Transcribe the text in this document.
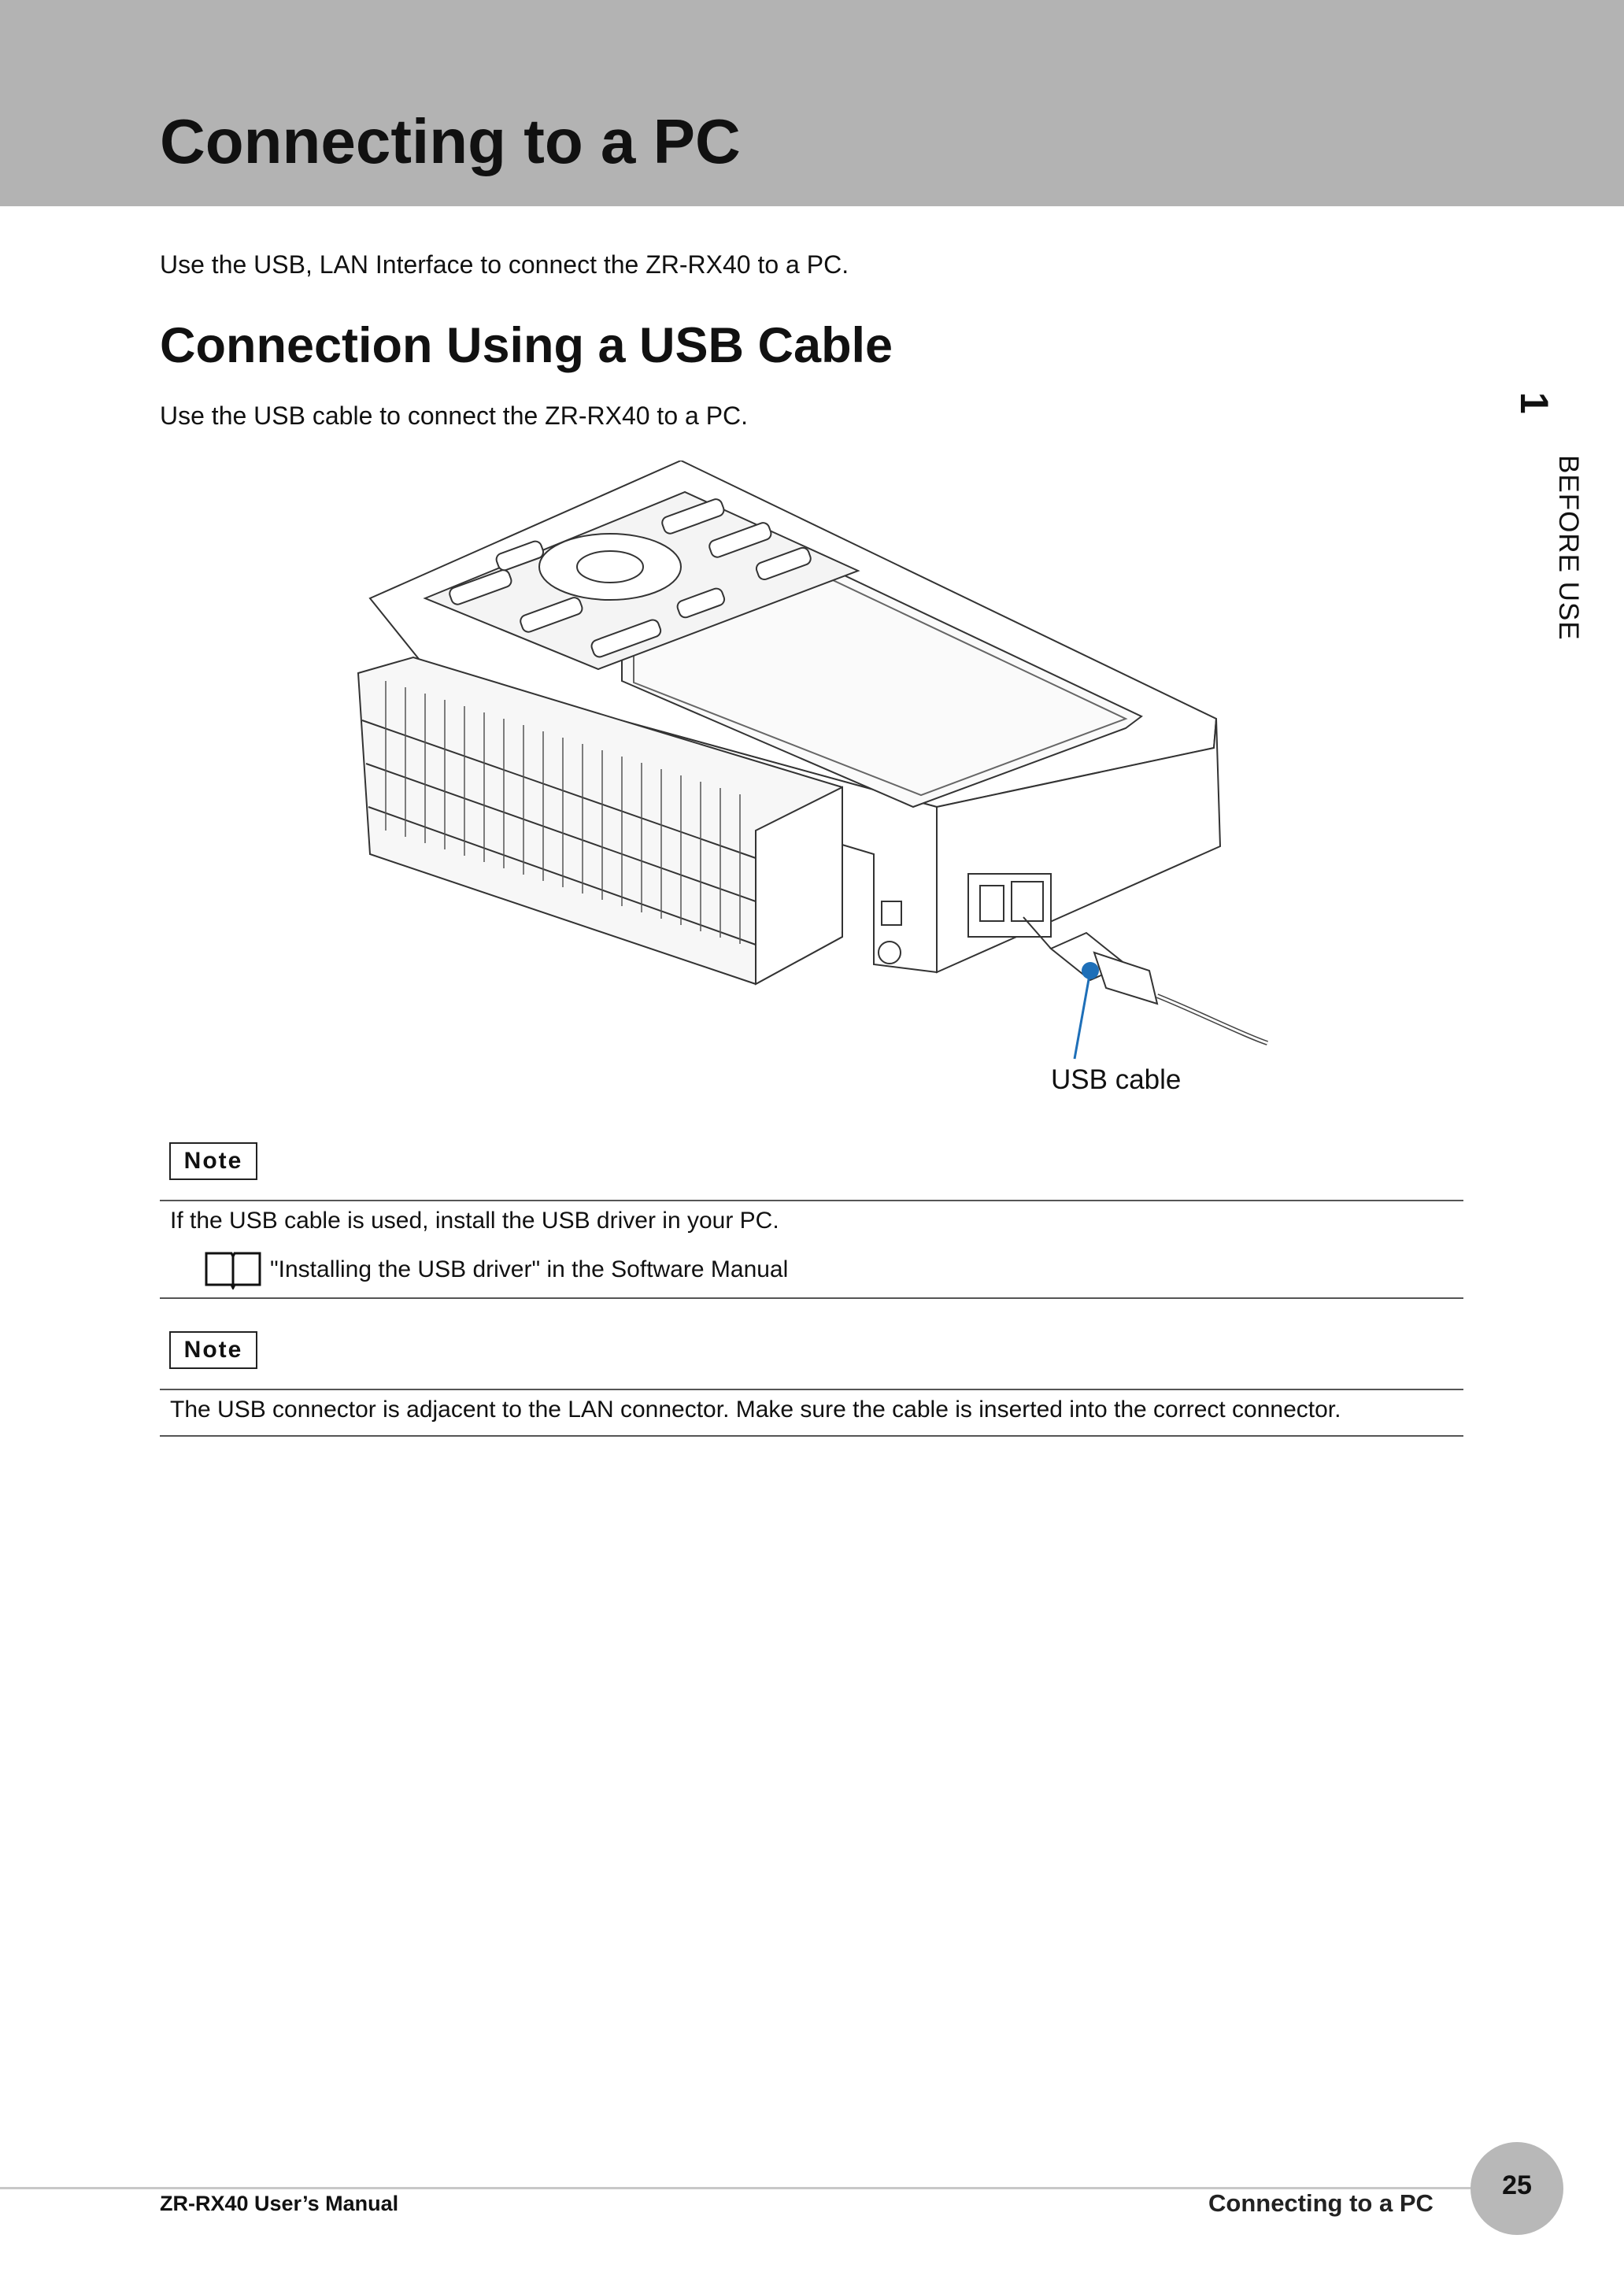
Connecting to a PC
Use the USB, LAN Interface to connect the ZR-RX40 to a PC.
Connection Using a USB Cable
Use the USB cable to connect the ZR-RX40 to a PC.	1
BEFORE USE
USB cable
Note
If the USB cable is used, install the USB driver in your PC.
"Installing the USB driver" in the Software Manual
Note
The USB connector is adjacent to the LAN connector. Make sure the cable is inserted into the correct connector.
ZR-RX40 User’s Manual	Connecting to a PC
25
